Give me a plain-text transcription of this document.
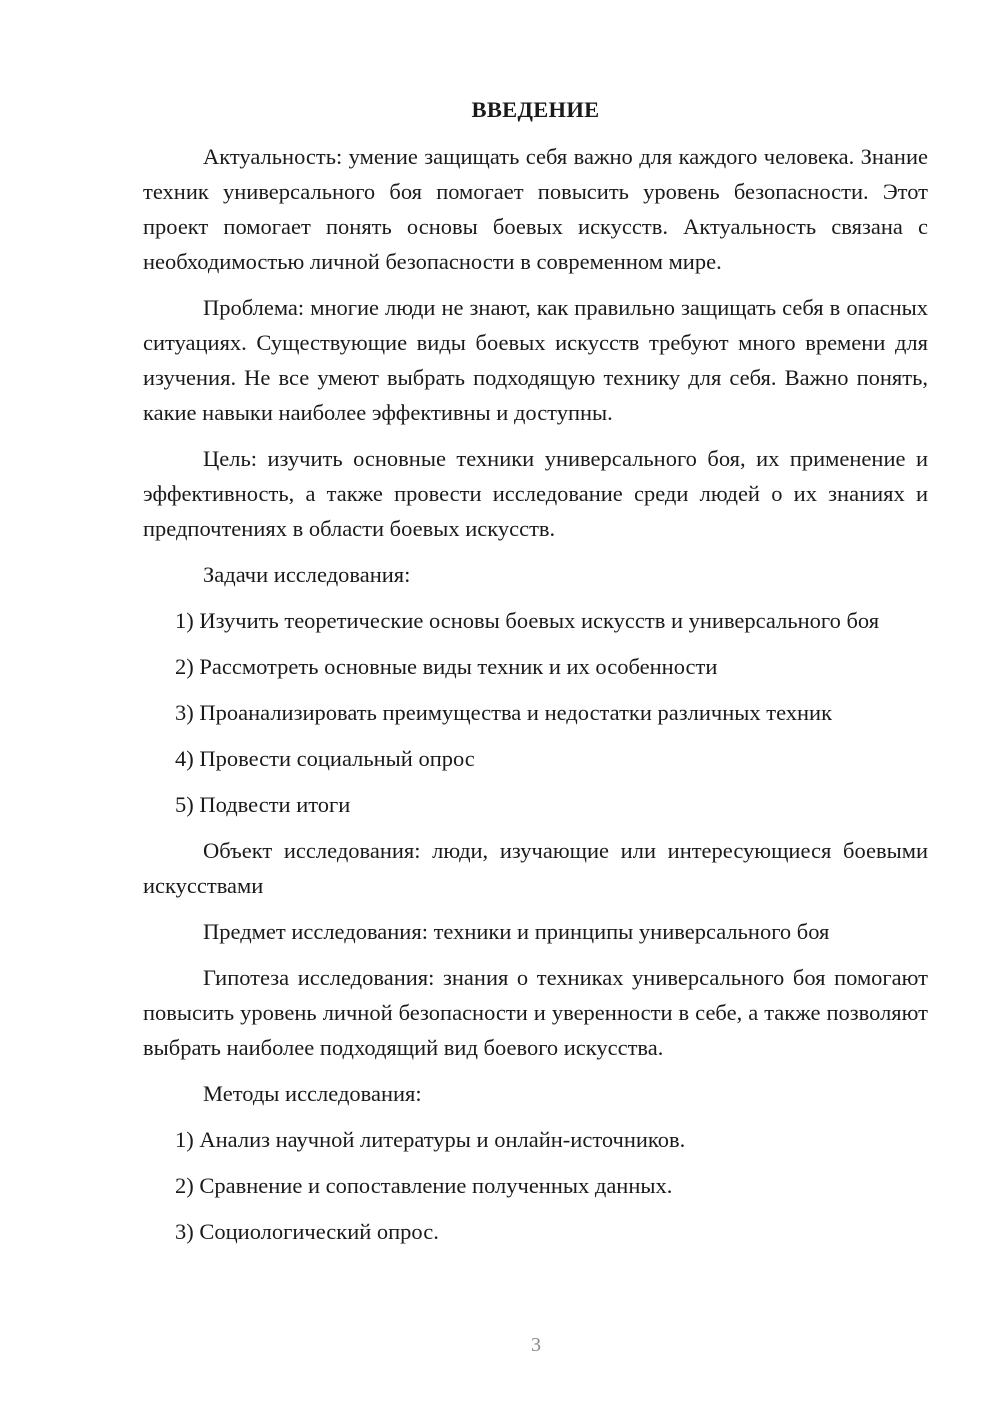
ВВЕДЕНИЕ

Актуальность: умение защищать себя важно для каждого человека. Знание техник универсального боя помогает повысить уровень безопасности. Этот проект помогает понять основы боевых искусств. Актуальность связана с необходимостью личной безопасности в современном мире.

Проблема: многие люди не знают, как правильно защищать себя в опасных ситуациях. Существующие виды боевых искусств требуют много времени для изучения. Не все умеют выбрать подходящую технику для себя. Важно понять, какие навыки наиболее эффективны и доступны.

Цель: изучить основные техники универсального боя, их применение и эффективность, а также провести исследование среди людей о их знаниях и предпочтениях в области боевых искусств.

Задачи исследования:

1) Изучить теоретические основы боевых искусств и универсального боя

2) Рассмотреть основные виды техник и их особенности

3) Проанализировать преимущества и недостатки различных техник

4) Провести социальный опрос

5) Подвести итоги

Объект исследования: люди, изучающие или интересующиеся боевыми искусствами

Предмет исследования: техники и принципы универсального боя

Гипотеза исследования: знания о техниках универсального боя помогают повысить уровень личной безопасности и уверенности в себе, а также позволяют выбрать наиболее подходящий вид боевого искусства.

Методы исследования:

1) Анализ научной литературы и онлайн-источников.

2) Сравнение и сопоставление полученных данных.

3) Социологический опрос.

3
